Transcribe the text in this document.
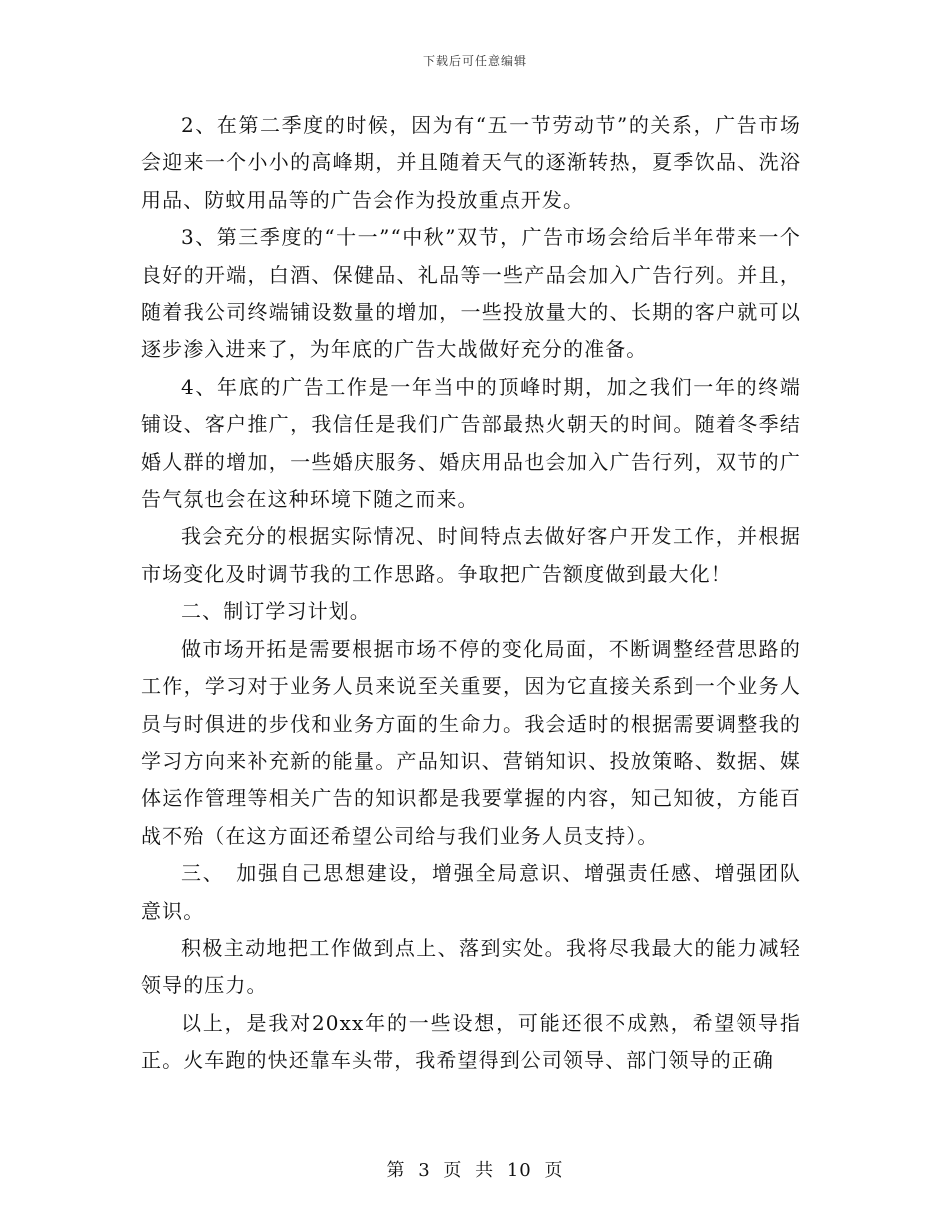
下载后可任意编辑

2、在第二季度的时候，因为有“五一节劳动节”的关系，广告市场会迎来一个小小的高峰期，并且随着天气的逐渐转热，夏季饮品、洗浴用品、防蚊用品等的广告会作为投放重点开发。

3、第三季度的“十一”“中秋”双节，广告市场会给后半年带来一个良好的开端，白酒、保健品、礼品等一些产品会加入广告行列。并且，随着我公司终端铺设数量的增加，一些投放量大的、长期的客户就可以逐步渗入进来了，为年底的广告大战做好充分的准备。

4、年底的广告工作是一年当中的顶峰时期，加之我们一年的终端铺设、客户推广，我信任是我们广告部最热火朝天的时间。随着冬季结婚人群的增加，一些婚庆服务、婚庆用品也会加入广告行列，双节的广告气氛也会在这种环境下随之而来。

我会充分的根据实际情况、时间特点去做好客户开发工作，并根据市场变化及时调节我的工作思路。争取把广告额度做到最大化！

二、制订学习计划。

做市场开拓是需要根据市场不停的变化局面，不断调整经营思路的工作，学习对于业务人员来说至关重要，因为它直接关系到一个业务人员与时俱进的步伐和业务方面的生命力。我会适时的根据需要调整我的学习方向来补充新的能量。产品知识、营销知识、投放策略、数据、媒体运作管理等相关广告的知识都是我要掌握的内容，知己知彼，方能百战不殆（在这方面还希望公司给与我们业务人员支持）。

三、　加强自己思想建设，增强全局意识、增强责任感、增强团队意识。

积极主动地把工作做到点上、落到实处。我将尽我最大的能力减轻领导的压力。

以上，是我对20xx年的一些设想，可能还很不成熟，希望领导指正。火车跑的快还靠车头带，我希望得到公司领导、部门领导的正确

第 3 页 共 10 页
